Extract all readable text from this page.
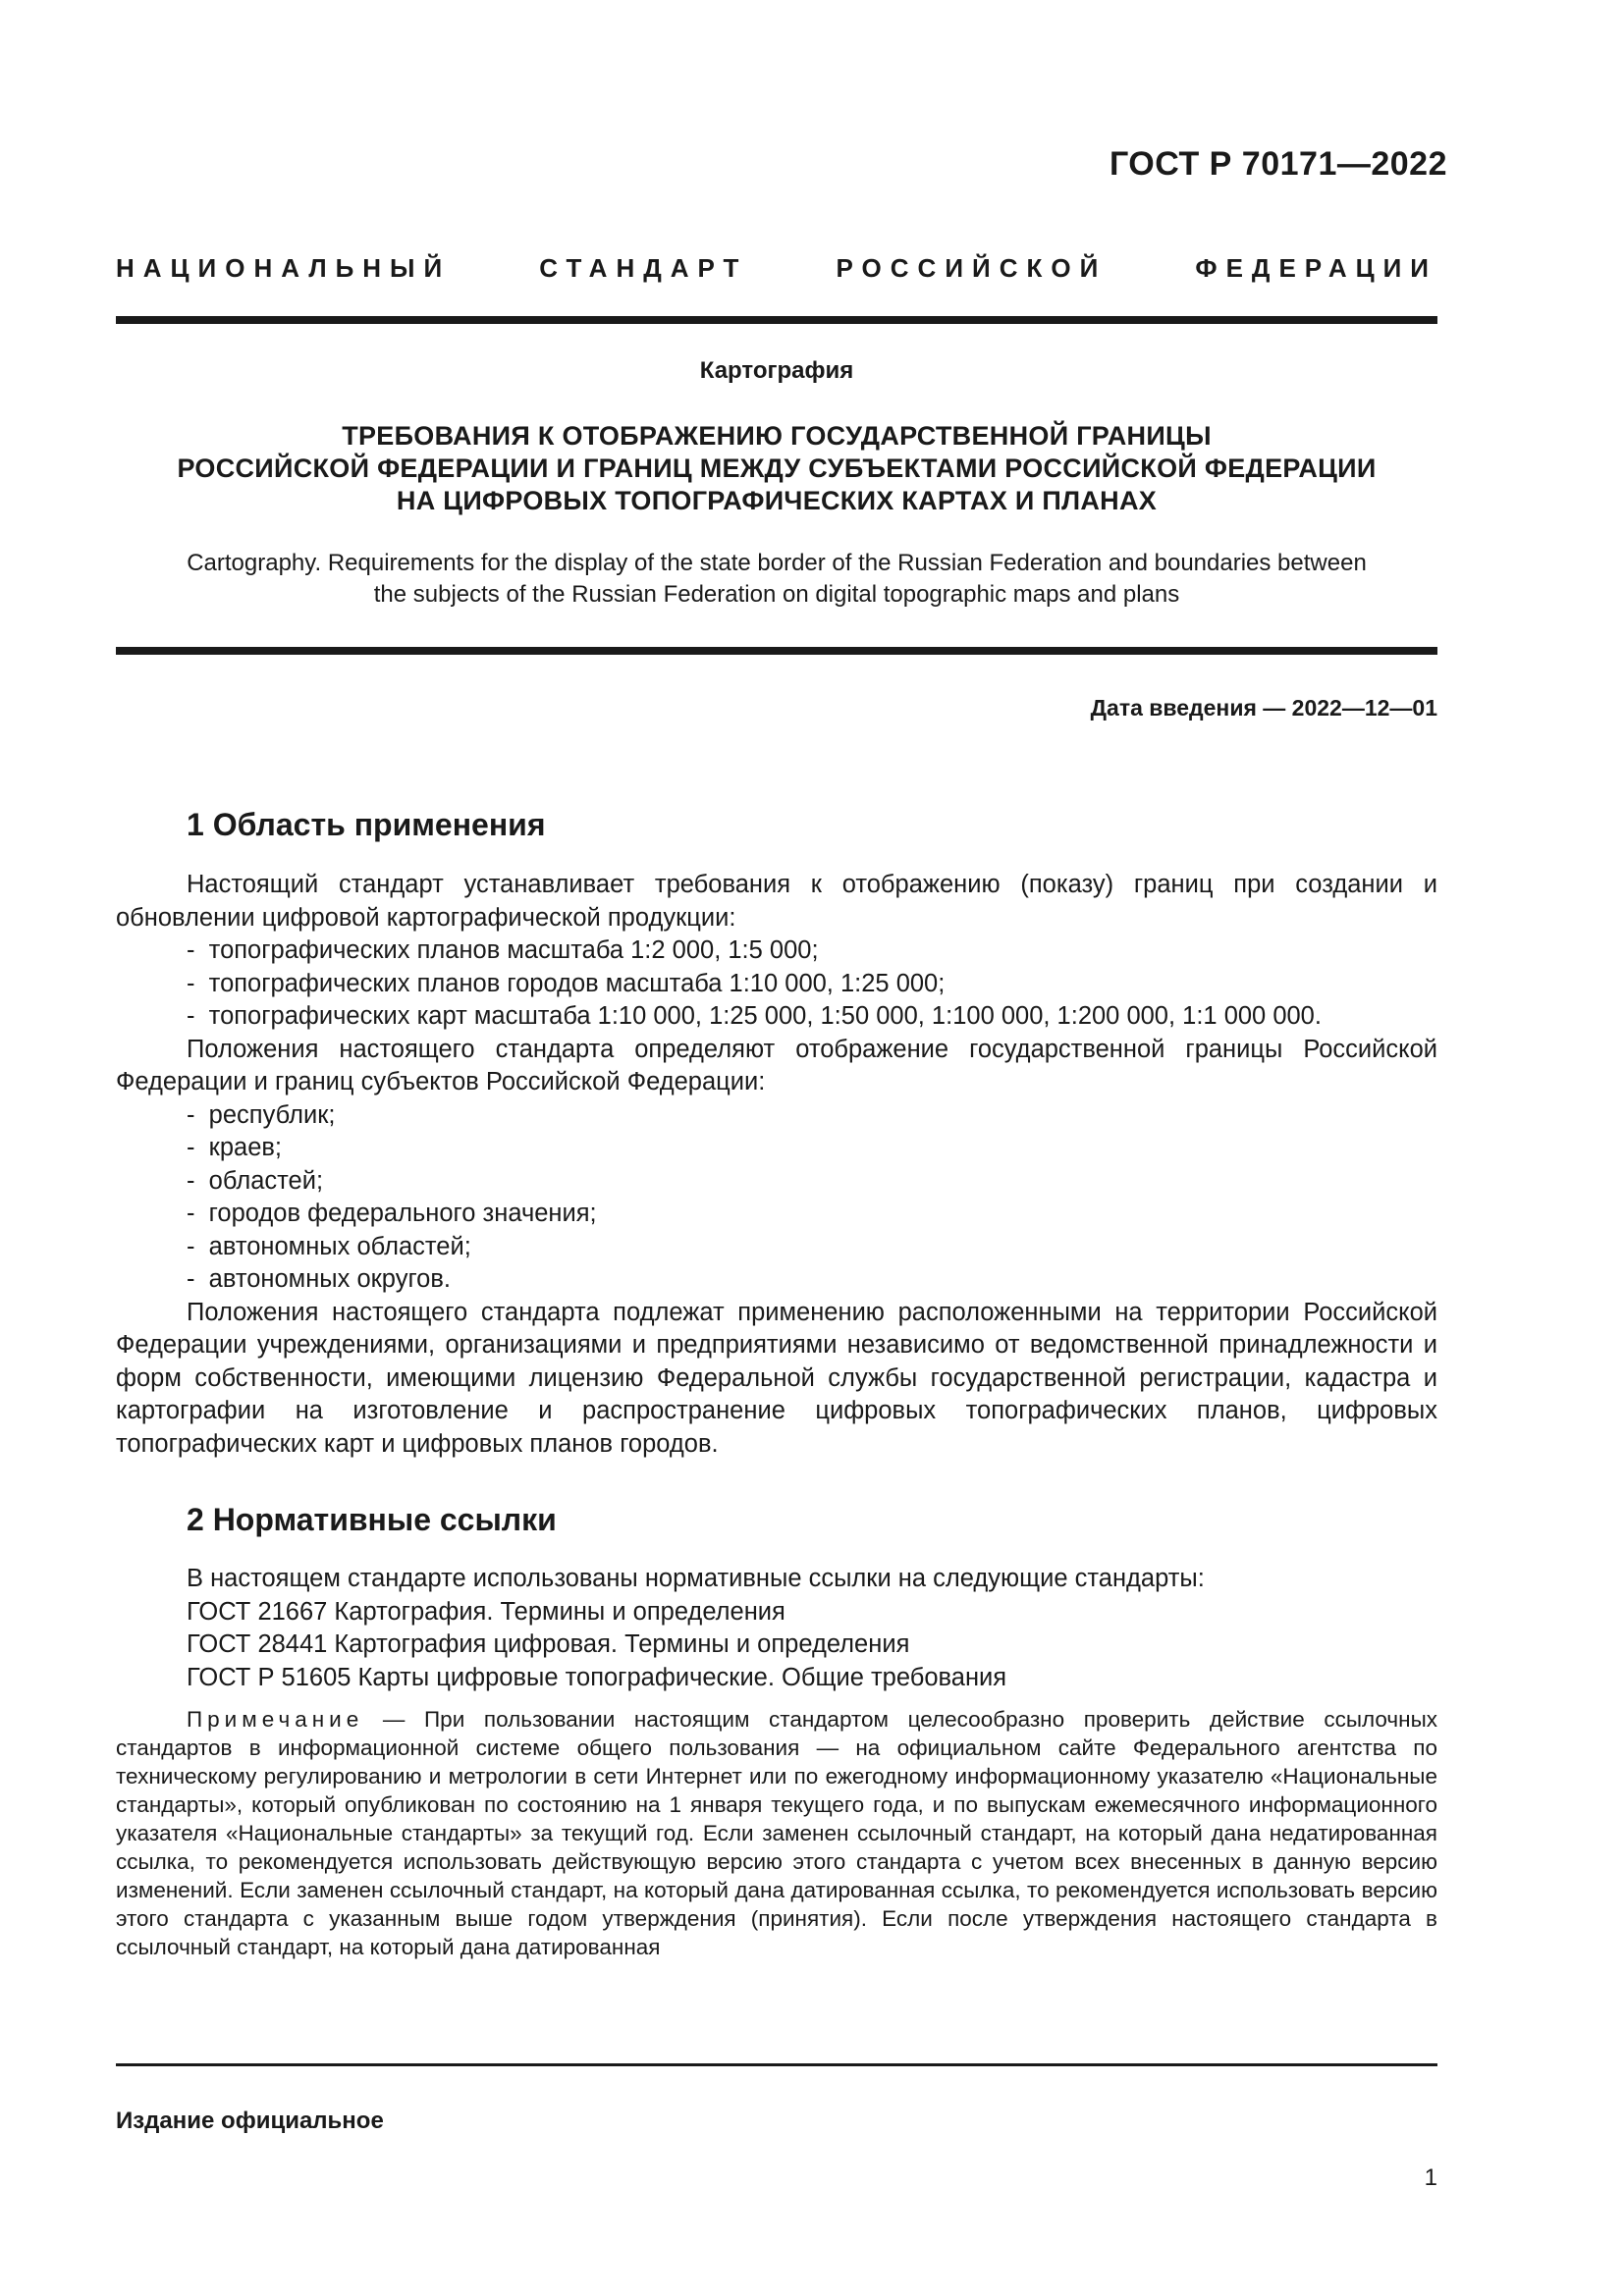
ГОСТ Р 70171—2022
НАЦИОНАЛЬНЫЙ СТАНДАРТ РОССИЙСКОЙ ФЕДЕРАЦИИ
Картография
ТРЕБОВАНИЯ К ОТОБРАЖЕНИЮ ГОСУДАРСТВЕННОЙ ГРАНИЦЫ
РОССИЙСКОЙ ФЕДЕРАЦИИ И ГРАНИЦ МЕЖДУ СУБЪЕКТАМИ РОССИЙСКОЙ ФЕДЕРАЦИИ
НА ЦИФРОВЫХ ТОПОГРАФИЧЕСКИХ КАРТАХ И ПЛАНАХ
Cartography. Requirements for the display of the state border of the Russian Federation and boundaries between
the subjects of the Russian Federation on digital topographic maps and plans
Дата введения — 2022—12—01
1 Область применения

Настоящий стандарт устанавливает требования к отображению (показу) границ при создании и обновлении цифровой картографической продукции:

-  топографических планов масштаба 1:2 000, 1:5 000;
-  топографических планов городов масштаба 1:10 000, 1:25 000;
-  топографических карт масштаба 1:10 000, 1:25 000, 1:50 000, 1:100 000, 1:200 000, 1:1 000 000.

Положения настоящего стандарта определяют отображение государственной границы Российской Федерации и границ субъектов Российской Федерации:

-  республик;
-  краев;
-  областей;
-  городов федерального значения;
-  автономных областей;
-  автономных округов.

Положения настоящего стандарта подлежат применению расположенными на территории Российской Федерации учреждениями, организациями и предприятиями независимо от ведомственной принадлежности и форм собственности, имеющими лицензию Федеральной службы государственной регистрации, кадастра и картографии на изготовление и распространение цифровых топографических планов, цифровых топографических карт и цифровых планов городов.

2 Нормативные ссылки

В настоящем стандарте использованы нормативные ссылки на следующие стандарты:

ГОСТ 21667 Картография. Термины и определения

ГОСТ 28441 Картография цифровая. Термины и определения

ГОСТ Р 51605 Карты цифровые топографические. Общие требования

Примечание — При пользовании настоящим стандартом целесообразно проверить действие ссылочных стандартов в информационной системе общего пользования — на официальном сайте Федерального агентства по техническому регулированию и метрологии в сети Интернет или по ежегодному информационному указателю «Национальные стандарты», который опубликован по состоянию на 1 января текущего года, и по выпускам ежемесячного информационного указателя «Национальные стандарты» за текущий год. Если заменен ссылочный стандарт, на который дана недатированная ссылка, то рекомендуется использовать действующую версию этого стандарта с учетом всех внесенных в данную версию изменений. Если заменен ссылочный стандарт, на который дана датированная ссылка, то рекомендуется использовать версию этого стандарта с указанным выше годом утверждения (принятия). Если после утверждения настоящего стандарта в ссылочный стандарт, на который дана датированная
Издание официальное
1
